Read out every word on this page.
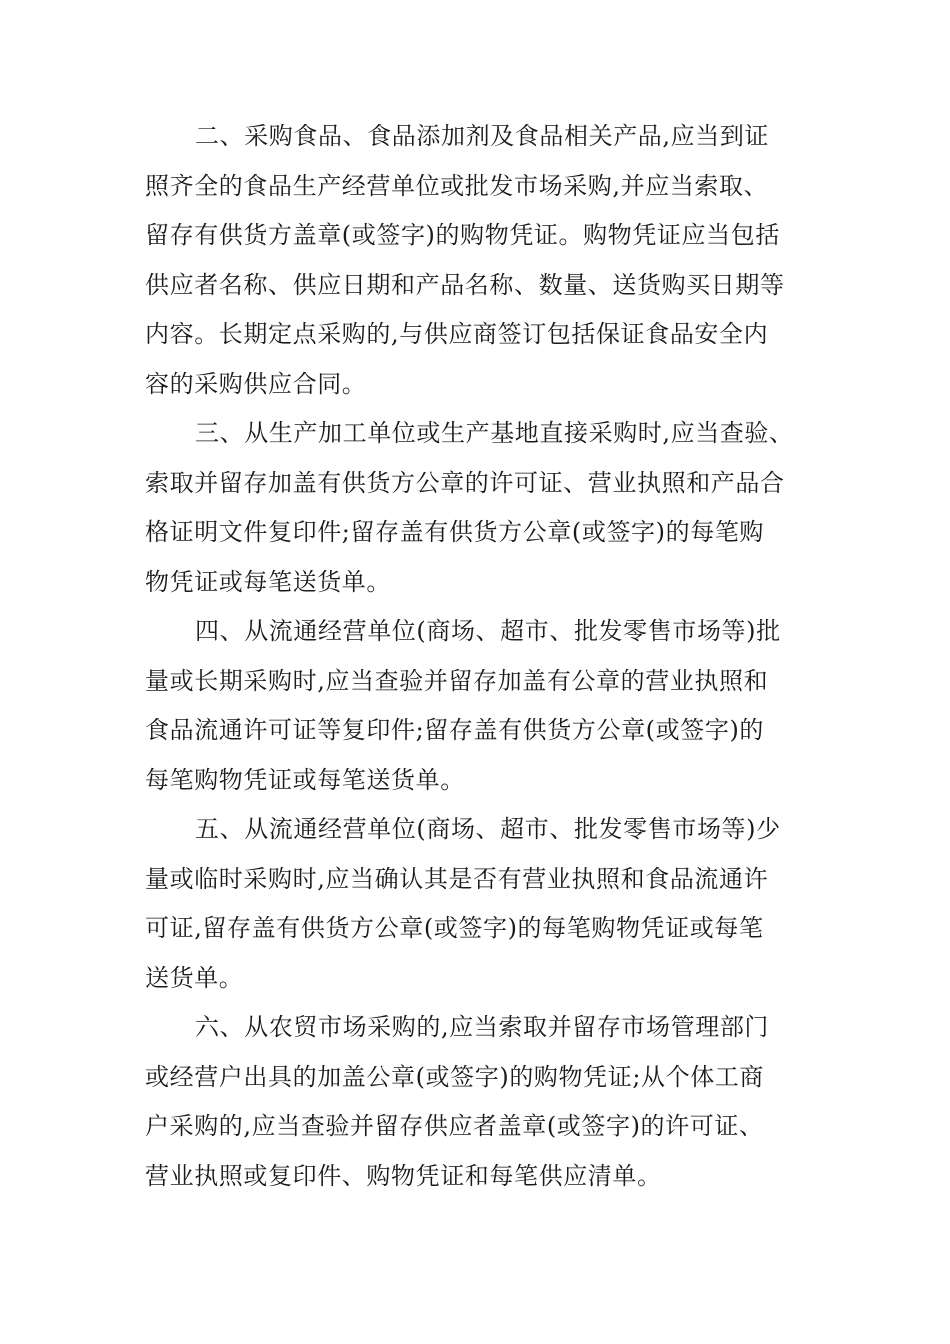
二、采购食品、食品添加剂及食品相关产品,应当到证
照齐全的食品生产经营单位或批发市场采购,并应当索取、
留存有供货方盖章(或签字)的购物凭证。购物凭证应当包括
供应者名称、供应日期和产品名称、数量、送货购买日期等
内容。长期定点采购的,与供应商签订包括保证食品安全内
容的采购供应合同。

三、从生产加工单位或生产基地直接采购时,应当查验、
索取并留存加盖有供货方公章的许可证、营业执照和产品合
格证明文件复印件;留存盖有供货方公章(或签字)的每笔购
物凭证或每笔送货单。

四、从流通经营单位(商场、超市、批发零售市场等)批
量或长期采购时,应当查验并留存加盖有公章的营业执照和
食品流通许可证等复印件;留存盖有供货方公章(或签字)的
每笔购物凭证或每笔送货单。

五、从流通经营单位(商场、超市、批发零售市场等)少
量或临时采购时,应当确认其是否有营业执照和食品流通许
可证,留存盖有供货方公章(或签字)的每笔购物凭证或每笔
送货单。

六、从农贸市场采购的,应当索取并留存市场管理部门
或经营户出具的加盖公章(或签字)的购物凭证;从个体工商
户采购的,应当查验并留存供应者盖章(或签字)的许可证、
营业执照或复印件、购物凭证和每笔供应清单。
